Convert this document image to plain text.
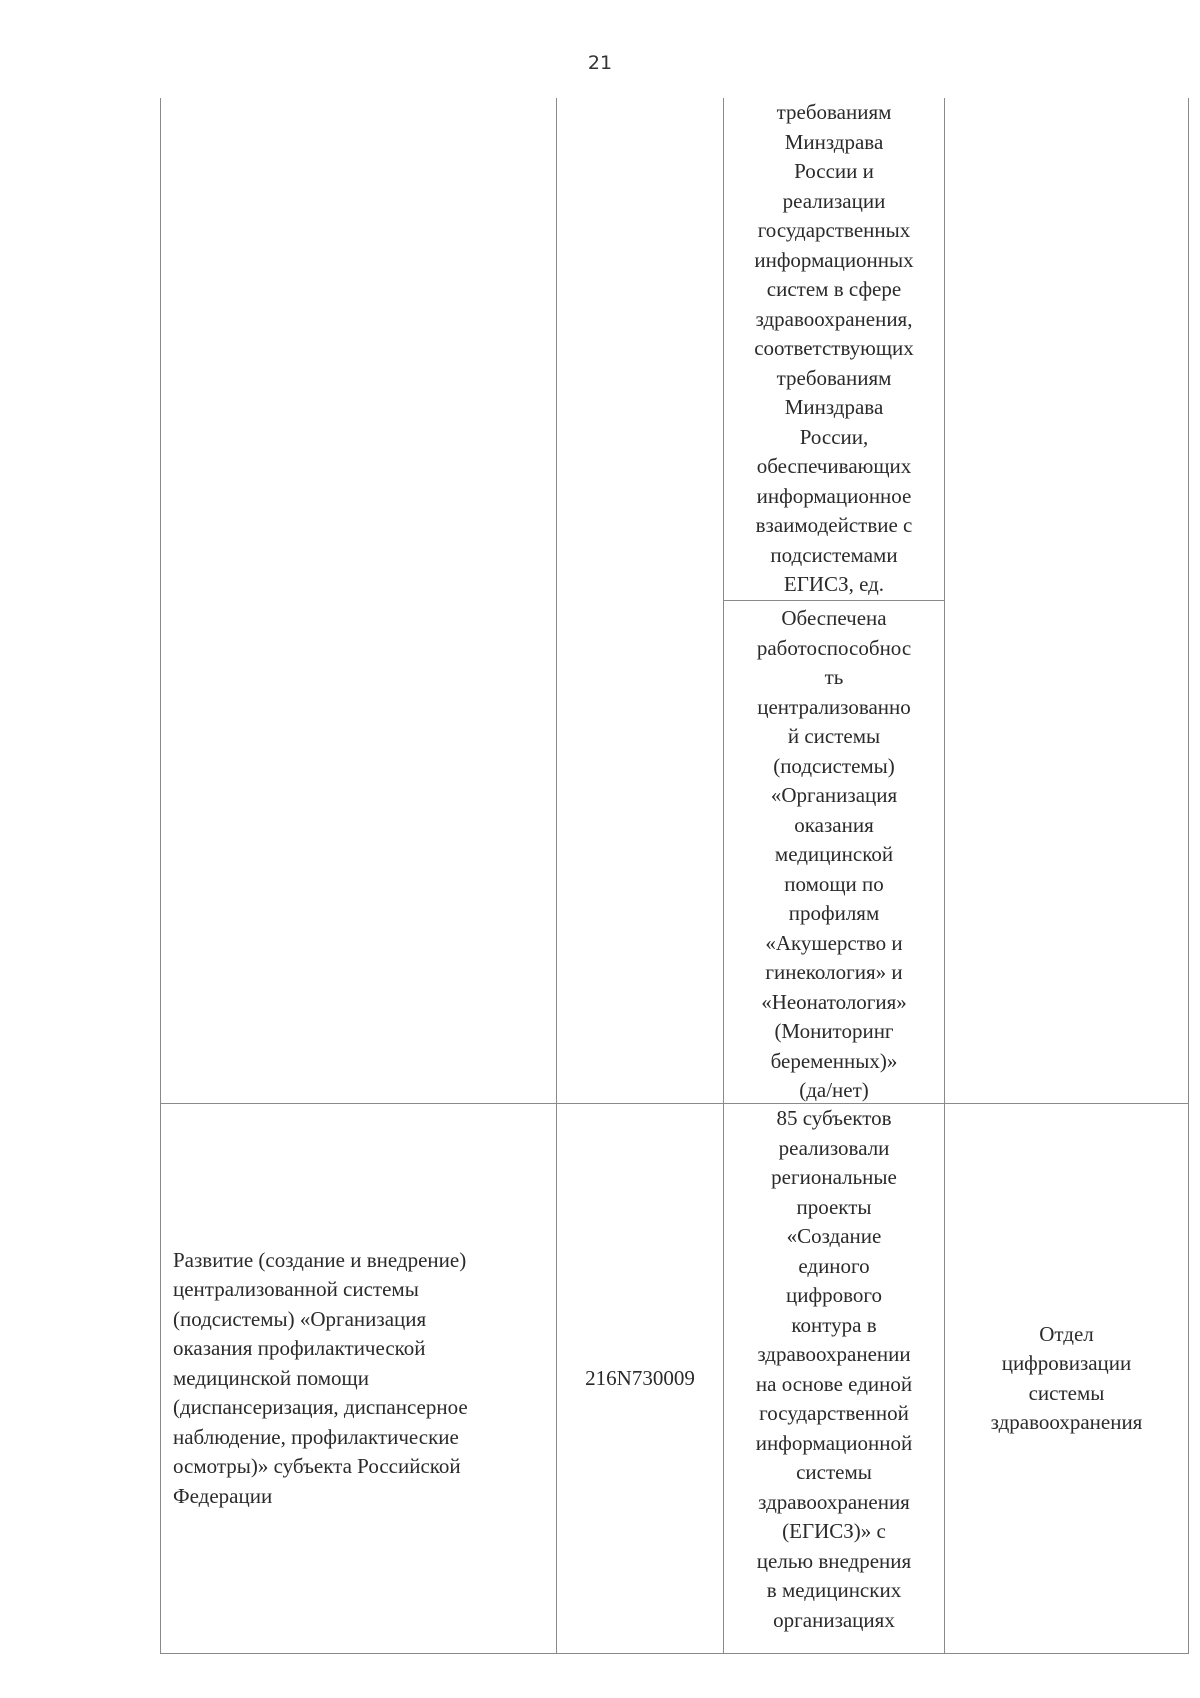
21
требованиям
Минздрава
России и
реализации
государственных
информационных
систем в сфере
здравоохранения,
соответствующих
требованиям
Минздрава
России,
обеспечивающих
информационное
взаимодействие с
подсистемами
ЕГИСЗ, ед.
Обеспечена
работоспособнос
ть
централизованно
й системы
(подсистемы)
«Организация
оказания
медицинской
помощи по
профилям
«Акушерство и
гинекология» и
«Неонатология»
(Мониторинг
беременных)»
(да/нет)
Развитие (создание и внедрение)
централизованной системы
(подсистемы) «Организация
оказания профилактической
медицинской помощи
(диспансеризация, диспансерное
наблюдение, профилактические
осмотры)» субъекта Российской
Федерации
216N730009
85 субъектов
реализовали
региональные
проекты
«Создание
единого
цифрового
контура в
здравоохранении
на основе единой
государственной
информационной
системы
здравоохранения
(ЕГИСЗ)» с
целью внедрения
в медицинских
организациях
Отдел
цифровизации
системы
здравоохранения
